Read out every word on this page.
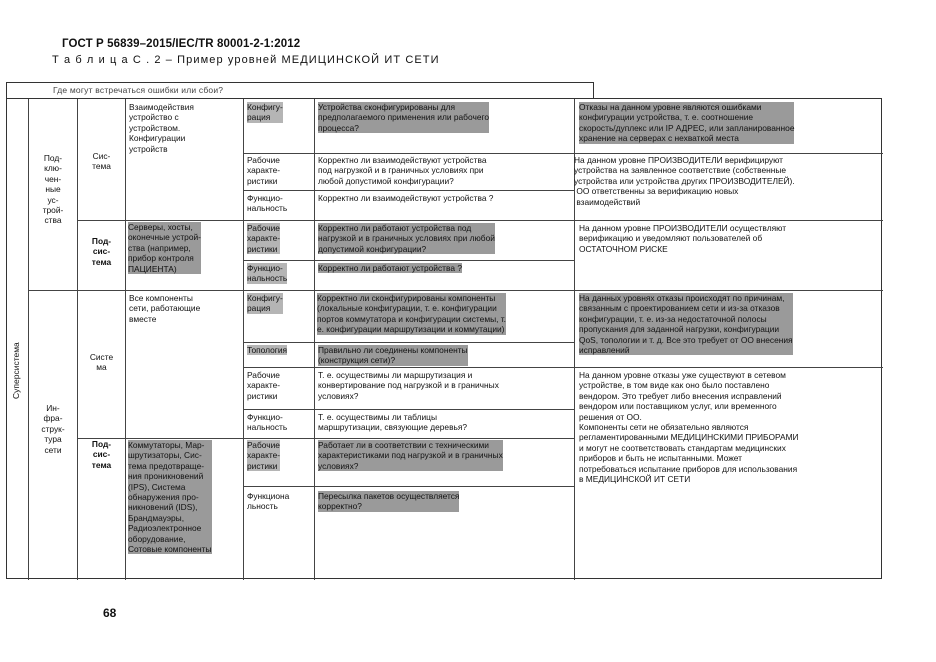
ГОСТ Р 56839–2015/IEC/TR 80001-2-1:2012
Т а б л и ц а С . 2 – Пример уровней МЕДИЦИНСКОЙ ИТ СЕТИ
Где могут встречаться ошибки или сбои?
Суперсистема
Под-
клю-
чен-
ные
ус-
трой-
ства
Ин-
фра-
струк-
тура
сети
Сис-
тема
Под-
сис-
тема
Систе
ма
Под-
сис-
тема
Взаимодействия
устройство с
устройством.
Конфигурации
устройств
Серверы, хосты,
оконечные устрой-
ства (например,
прибор контроля
ПАЦИЕНТА)
Все компоненты
сети, работающие
вместе
Коммутаторы, Мар-
шрутизаторы, Сис-
тема предотвраще-
ния проникновений
(IPS), Система
обнаружения про-
никновений (IDS),
Брандмауэры,
Радиоэлектронное
оборудование,
Сотовые компоненты
Конфигу-
рация
Рабочие
характе-
ристики
Функцио-
нальность
Рабочие
характе-
ристики
Функцио-
нальность
Конфигу-
рация
Топология
Рабочие
характе-
ристики
Функцио-
нальность
Рабочие
характе-
ристики
Функциона
льность
Устройства сконфигурированы для
предполагаемого применения или рабочего
процесса?
Корректно ли взаимодействуют устройства
под нагрузкой и в граничных условиях при
любой допустимой конфигурации?
Корректно ли взаимодействуют устройства ?
Корректно ли работают устройства под
нагрузкой и в граничных условиях при любой
допустимой конфигурации?
Корректно ли работают устройства ?
Корректно ли сконфигурированы компоненты
(локальные конфигурации, т. е. конфигурации
портов коммутатора и конфигурации системы, т.
е. конфигурации маршрутизации и коммутации)
Правильно ли соединены компоненты
(конструкция сети)?
Т. е. осуществимы ли маршрутизация и
конвертирование под нагрузкой и в граничных
условиях?
Т. е. осуществимы ли таблицы
маршрутизации, связующие деревья?
Работает ли в соответствии с техническими
характеристиками под нагрузкой и в граничных
условиях?
Пересылка пакетов осуществляется
корректно?
Отказы на данном уровне являются ошибками
конфигурации устройства, т. е. соотношение
скорость/дуплекс или IP АДРЕС, или запланированное
хранение на серверах с нехваткой места
На данном уровне ПРОИЗВОДИТЕЛИ верифицируют
устройства на заявленное соответствие (собственные
устройства или устройства других ПРОИЗВОДИТЕЛЕЙ).
ОО ответственны за верификацию новых
взаимодействий
На данном уровне ПРОИЗВОДИТЕЛИ осуществляют
верификацию и уведомляют пользователей об
ОСТАТОЧНОМ РИСКЕ
На данных уровнях отказы происходят по причинам,
связанным с проектированием сети и из-за отказов
конфигурации, т. е. из-за недостаточной полосы
пропускания для заданной нагрузки, конфигурации
QoS, топологии и т. д. Все это требует от ОО внесения
исправлений
На данном уровне отказы уже существуют в сетевом
устройстве, в том виде как оно было поставлено
вендором. Это требует либо внесения исправлений
вендором или поставщиком услуг, или временного
решения от ОО.
Компоненты сети не обязательно являются
регламентированными МЕДИЦИНСКИМИ ПРИБОРАМИ
и могут не соответствовать стандартам медицинских
приборов и быть не испытанными. Может
потребоваться испытание приборов для использования
в МЕДИЦИНСКОЙ ИТ СЕТИ
68
